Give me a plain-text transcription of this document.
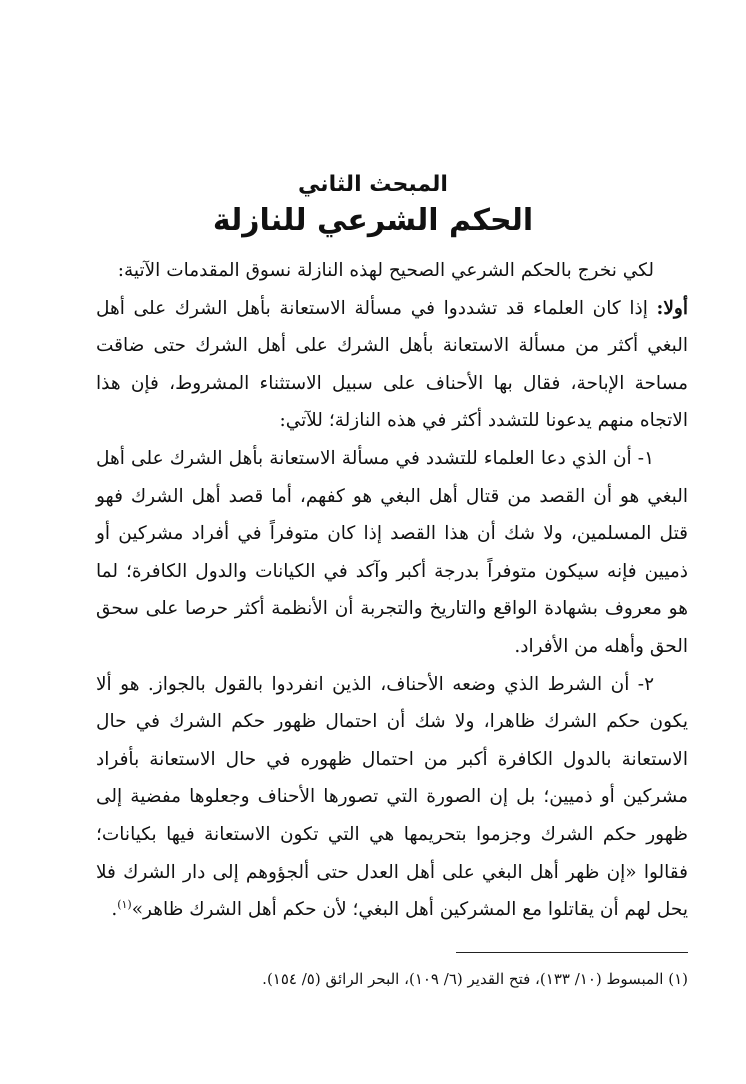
المبحث الثاني
الحكم الشرعي للنازلة

لكي نخرج بالحكم الشرعي الصحيح لهذه النازلة نسوق المقدمات الآتية:

أولا: إذا كان العلماء قد تشددوا في مسألة الاستعانة بأهل الشرك على أهل البغي أكثر من مسألة الاستعانة بأهل الشرك على أهل الشرك حتى ضاقت مساحة الإباحة، فقال بها الأحناف على سبيل الاستثناء المشروط، فإن هذا الاتجاه منهم يدعونا للتشدد أكثر في هذه النازلة؛ للآتي:

١- أن الذي دعا العلماء للتشدد في مسألة الاستعانة بأهل الشرك على أهل البغي هو أن القصد من قتال أهل البغي هو كفهم، أما قصد أهل الشرك فهو قتل المسلمين، ولا شك أن هذا القصد إذا كان متوفراً في أفراد مشركين أو ذميين فإنه سيكون متوفراً بدرجة أكبر وآكد في الكيانات والدول الكافرة؛ لما هو معروف بشهادة الواقع والتاريخ والتجربة أن الأنظمة أكثر حرصا على سحق الحق وأهله من الأفراد.

٢- أن الشرط الذي وضعه الأحناف، الذين انفردوا بالقول بالجواز. هو ألا يكون حكم الشرك ظاهرا، ولا شك أن احتمال ظهور حكم الشرك في حال الاستعانة بالدول الكافرة أكبر من احتمال ظهوره في حال الاستعانة بأفراد مشركين أو ذميين؛ بل إن الصورة التي تصورها الأحناف وجعلوها مفضية إلى ظهور حكم الشرك وجزموا بتحريمها هي التي تكون الاستعانة فيها بكيانات؛ فقالوا «إن ظهر أهل البغي على أهل العدل حتى ألجؤوهم إلى دار الشرك فلا يحل لهم أن يقاتلوا مع المشركين أهل البغي؛ لأن حكم أهل الشرك ظاهر»$^{(١)}$.

(١) المبسوط (١٠/ ١٣٣)، فتح القدير (٦/ ١٠٩)، البحر الرائق (٥/ ١٥٤).
